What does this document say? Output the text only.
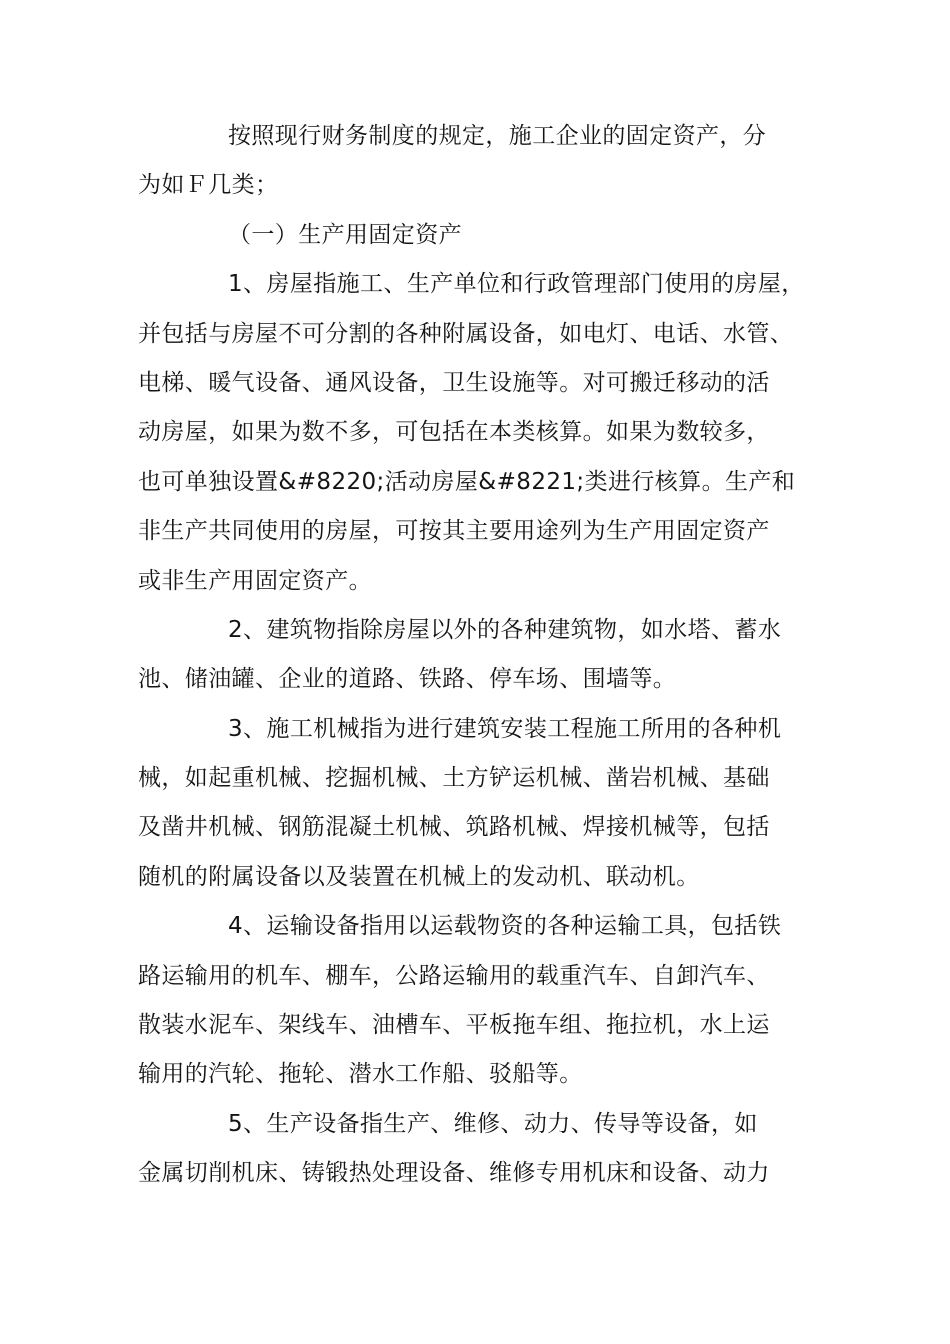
按照现行财务制度的规定，施工企业的固定资产，分
为如Ｆ几类；
（一）生产用固定资产
1、房屋指施工、生产单位和行政管理部门使用的房屋，
并包括与房屋不可分割的各种附属设备，如电灯、电话、水管、
电梯、暖气设备、通风设备，卫生设施等。对可搬迁移动的活
动房屋，如果为数不多，可包括在本类核算。如果为数较多，
也可单独设置&#8220;活动房屋&#8221;类进行核算。生产和
非生产共同使用的房屋，可按其主要用途列为生产用固定资产
或非生产用固定资产。
2、建筑物指除房屋以外的各种建筑物，如水塔、蓄水
池、储油罐、企业的道路、铁路、停车场、围墙等。
3、施工机械指为进行建筑安装工程施工所用的各种机
械，如起重机械、挖掘机械、土方铲运机械、凿岩机械、基础
及凿井机械、钢筋混凝土机械、筑路机械、焊接机械等，包括
随机的附属设备以及装置在机械上的发动机、联动机。
4、运输设备指用以运载物资的各种运输工具，包括铁
路运输用的机车、棚车，公路运输用的载重汽车、自卸汽车、
散装水泥车、架线车、油槽车、平板拖车组、拖拉机，水上运
输用的汽轮、拖轮、潜水工作船、驳船等。
5、生产设备指生产、维修、动力、传导等设备，如
金属切削机床、铸锻热处理设备、维修专用机床和设备、动力
